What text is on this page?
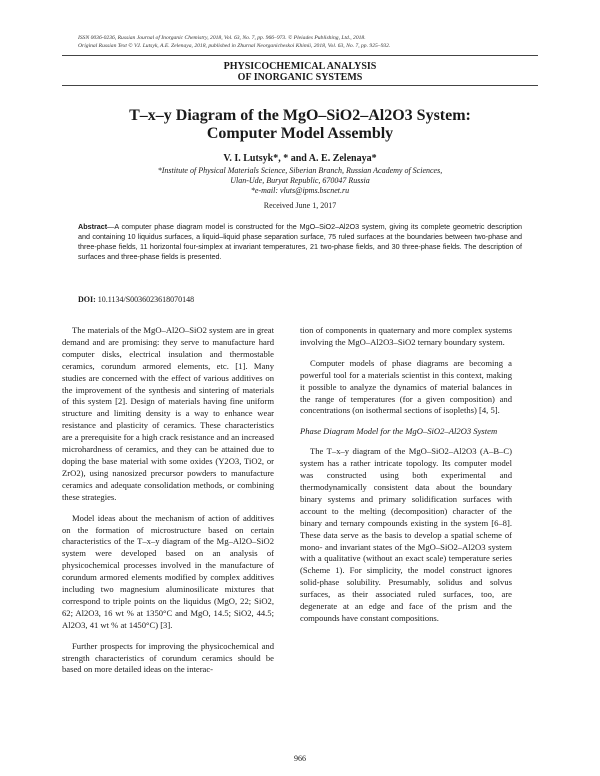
ISSN 0036-0236, Russian Journal of Inorganic Chemistry, 2018, Vol. 63, No. 7, pp. 966–973. © Pleiades Publishing, Ltd., 2018.
Original Russian Text © V.I. Lutsyk, A.E. Zelenaya, 2018, published in Zhurnal Neorganicheskoi Khimii, 2018, Vol. 63, No. 7, pp. 925–932.
PHYSICOCHEMICAL ANALYSIS
OF INORGANIC SYSTEMS
T–x–y Diagram of the MgO–SiO2–Al2O3 System:
Computer Model Assembly
V. I. Lutsyk*, * and A. E. Zelenaya*
*Institute of Physical Materials Science, Siberian Branch, Russian Academy of Sciences,
Ulan-Ude, Buryat Republic, 670047 Russia
*e-mail: vluts@ipms.bscnet.ru
Received June 1, 2017
Abstract—A computer phase diagram model is constructed for the MgO–SiO2–Al2O3 system, giving its complete geometric description and containing 10 liquidus surfaces, a liquid–liquid phase separation surface, 75 ruled surfaces at the boundaries between two-phase and three-phase fields, 11 horizontal four-simplex at invariant temperatures, 21 two-phase fields, and 30 three-phase fields. The description of surfaces and three-phase fields is presented.
DOI: 10.1134/S0036023618070148

The materials of the MgO–Al2O–SiO2 system are in great demand and are promising: they serve to manufacture hard computer disks, electrical insulation and thermostable ceramics, corundum armored elements, etc. [1]. Many studies are concerned with the effect of various additives on the improvement of the synthesis and sintering of materials of this system [2]. Design of materials having fine uniform structure and limiting density is a way to enhance wear resistance and plasticity of ceramics. These characteristics are a prerequisite for a high crack resistance and an increased microhardness of ceramics, and they can be attained due to doping the base material with some oxides (Y2O3, TiO2, or ZrO2), using nanosized precursor powders to manufacture ceramics and adequate consolidation methods, or combining these strategies.

Model ideas about the mechanism of action of additives on the formation of microstructure based on certain characteristics of the T–x–y diagram of the Mg–Al2O–SiO2 system were developed based on an analysis of physicochemical processes involved in the manufacture of corundum armored elements modified by complex additives including two magnesium aluminosilicate mixtures that correspond to triple points on the liquidus (MgO, 22; SiO2, 62; Al2O3, 16 wt % at 1350°C and MgO, 14.5; SiO2, 44.5; Al2O3, 41 wt % at 1450°C) [3].

Further prospects for improving the physicochemical and strength characteristics of corundum ceramics should be based on more detailed ideas on the interac-

tion of components in quaternary and more complex systems involving the MgO–Al2O3–SiO2 ternary boundary system.

Computer models of phase diagrams are becoming a powerful tool for a materials scientist in this context, making it possible to analyze the dynamics of material balances in the range of temperatures (for a given composition) and concentrations (on isothermal sections of isopleths) [4, 5].

Phase Diagram Model for the MgO–SiO2–Al2O3 System

The T–x–y diagram of the MgO–SiO2–Al2O3 (A–B–C) system has a rather intricate topology. Its computer model was constructed using both experimental and thermodynamically consistent data about the boundary binary systems and primary solidification surfaces with account to the melting (decomposition) character of the binary and ternary compounds existing in the system [6–8]. These data serve as the basis to develop a spatial scheme of mono- and invariant states of the MgO–SiO2–Al2O3 system with a qualitative (without an exact scale) temperature series (Scheme 1). For simplicity, the model construct ignores solid-phase solubility. Presumably, solidus and solvus surfaces, as their associated ruled surfaces, too, are degenerate at an edge and face of the prism and the compounds have constant compositions.

966
